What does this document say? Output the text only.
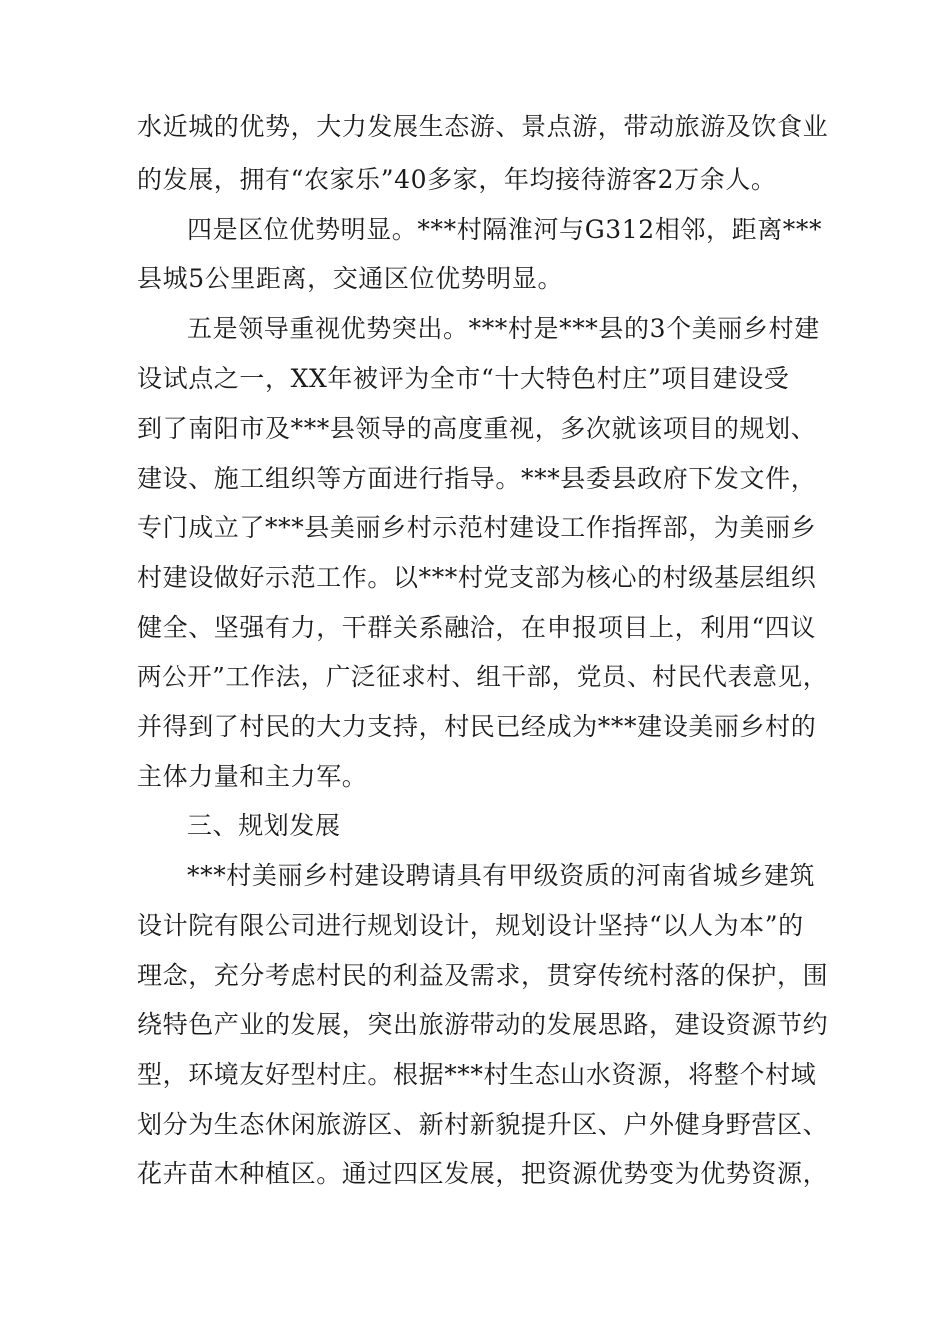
水近城的优势，大力发展生态游、景点游，带动旅游及饮食业
的发展，拥有“农家乐”40多家，年均接待游客2万余人。
四是区位优势明显。***村隔淮河与G312相邻，距离***
县城5公里距离，交通区位优势明显。
五是领导重视优势突出。***村是***县的3个美丽乡村建
设试点之一，XX年被评为全市“十大特色村庄”项目建设受
到了南阳市及***县领导的高度重视，多次就该项目的规划、
建设、施工组织等方面进行指导。***县委县政府下发文件，
专门成立了***县美丽乡村示范村建设工作指挥部，为美丽乡
村建设做好示范工作。以***村党支部为核心的村级基层组织
健全、坚强有力，干群关系融洽，在申报项目上，利用“四议
两公开”工作法，广泛征求村、组干部，党员、村民代表意见，
并得到了村民的大力支持，村民已经成为***建设美丽乡村的
主体力量和主力军。
三、规划发展
***村美丽乡村建设聘请具有甲级资质的河南省城乡建筑
设计院有限公司进行规划设计，规划设计坚持“以人为本”的
理念，充分考虑村民的利益及需求，贯穿传统村落的保护，围
绕特色产业的发展，突出旅游带动的发展思路，建设资源节约
型，环境友好型村庄。根据***村生态山水资源，将整个村域
划分为生态休闲旅游区、新村新貌提升区、户外健身野营区、
花卉苗木种植区。通过四区发展，把资源优势变为优势资源，
